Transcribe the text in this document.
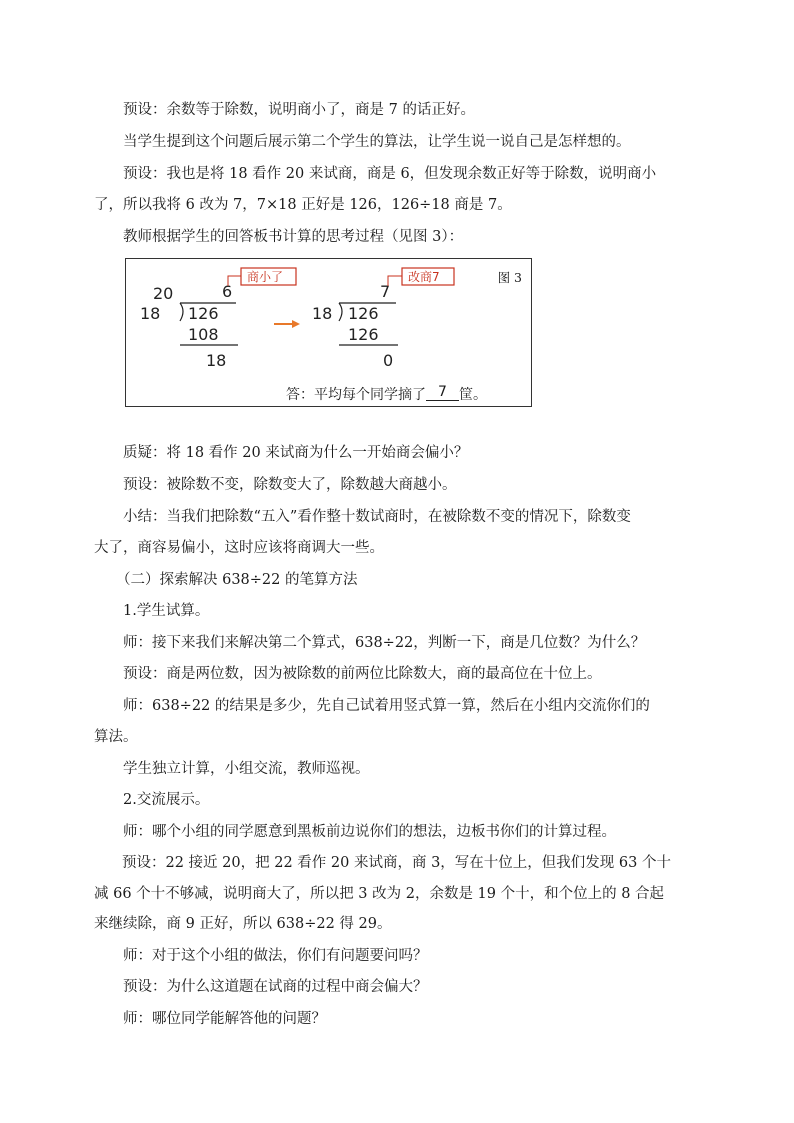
预设：余数等于除数，说明商小了，商是 7 的话正好。

当学生提到这个问题后展示第二个学生的算法，让学生说一说自己是怎样想的。

预设：我也是将 18 看作 20 来试商，商是 6，但发现余数正好等于除数，说明商小

了，所以我将 6 改为 7，7×18 正好是 126，126÷18 商是 7。

教师根据学生的回答板书计算的思考过程（见图 3）：

图 3
20	6
18 126
108
18
商小了
7
18 126
126
0
改商7
答：平均每个同学摘了 7 筐。

质疑：将 18 看作 20 来试商为什么一开始商会偏小？

预设：被除数不变，除数变大了，除数越大商越小。

小结：当我们把除数“五入”看作整十数试商时，在被除数不变的情况下，除数变

大了，商容易偏小，这时应该将商调大一些。

（二）探索解决 638÷22 的笔算方法

1.学生试算。

师：接下来我们来解决第二个算式，638÷22，判断一下，商是几位数？为什么？

预设：商是两位数，因为被除数的前两位比除数大，商的最高位在十位上。

师：638÷22 的结果是多少，先自己试着用竖式算一算，然后在小组内交流你们的

算法。

学生独立计算，小组交流，教师巡视。

2.交流展示。

师：哪个小组的同学愿意到黑板前边说你们的想法，边板书你们的计算过程。

预设：22 接近 20，把 22 看作 20 来试商，商 3，写在十位上，但我们发现 63 个十

减 66 个十不够减，说明商大了，所以把 3 改为 2，余数是 19 个十，和个位上的 8 合起

来继续除，商 9 正好，所以 638÷22 得 29。

师：对于这个小组的做法，你们有问题要问吗？

预设：为什么这道题在试商的过程中商会偏大？

师：哪位同学能解答他的问题？
